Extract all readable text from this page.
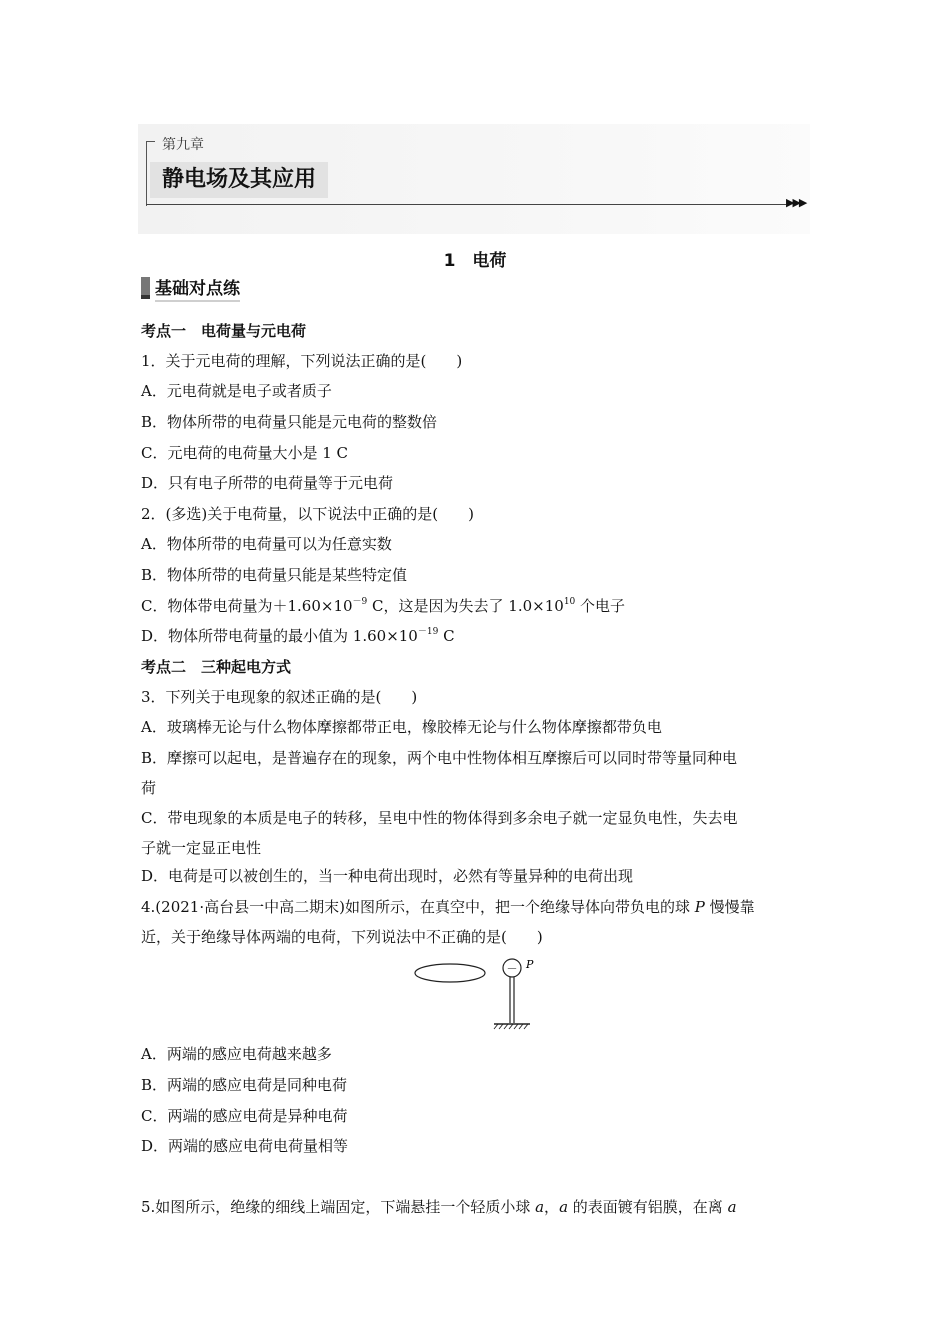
第九章
静电场及其应用
▶▶▶
1　电荷
基础对点练
考点一　电荷量与元电荷
1．关于元电荷的理解，下列说法正确的是(　　)
A．元电荷就是电子或者质子
B．物体所带的电荷量只能是元电荷的整数倍
C．元电荷的电荷量大小是 1 C
D．只有电子所带的电荷量等于元电荷
2．(多选)关于电荷量，以下说法中正确的是(　　)
A．物体所带的电荷量可以为任意实数
B．物体所带的电荷量只能是某些特定值
C．物体带电荷量为$+1.60\times 10^{-9}$ C，这是因为失去了 $1.0\times 10^{10}$ 个电子
D．物体所带电荷量的最小值为 $1.60\times 10^{-19}$ C
考点二　三种起电方式
3．下列关于电现象的叙述正确的是(　　)
A．玻璃棒无论与什么物体摩擦都带正电，橡胶棒无论与什么物体摩擦都带负电
B．摩擦可以起电，是普遍存在的现象，两个电中性物体相互摩擦后可以同时带等量同种电
荷
C．带电现象的本质是电子的转移，呈电中性的物体得到多余电子就一定显负电性，失去电
子就一定显正电性
D．电荷是可以被创生的，当一种电荷出现时，必然有等量异种的电荷出现
4.(2021·高台县一中高二期末)如图所示，在真空中，把一个绝缘导体向带负电的球 P 慢慢靠
近，关于绝缘导体两端的电荷，下列说法中不正确的是(　　)
－ P
A．两端的感应电荷越来越多
B．两端的感应电荷是同种电荷
C．两端的感应电荷是异种电荷
D．两端的感应电荷电荷量相等
5.如图所示，绝缘的细线上端固定，下端悬挂一个轻质小球 a，a 的表面镀有铝膜，在离 a
